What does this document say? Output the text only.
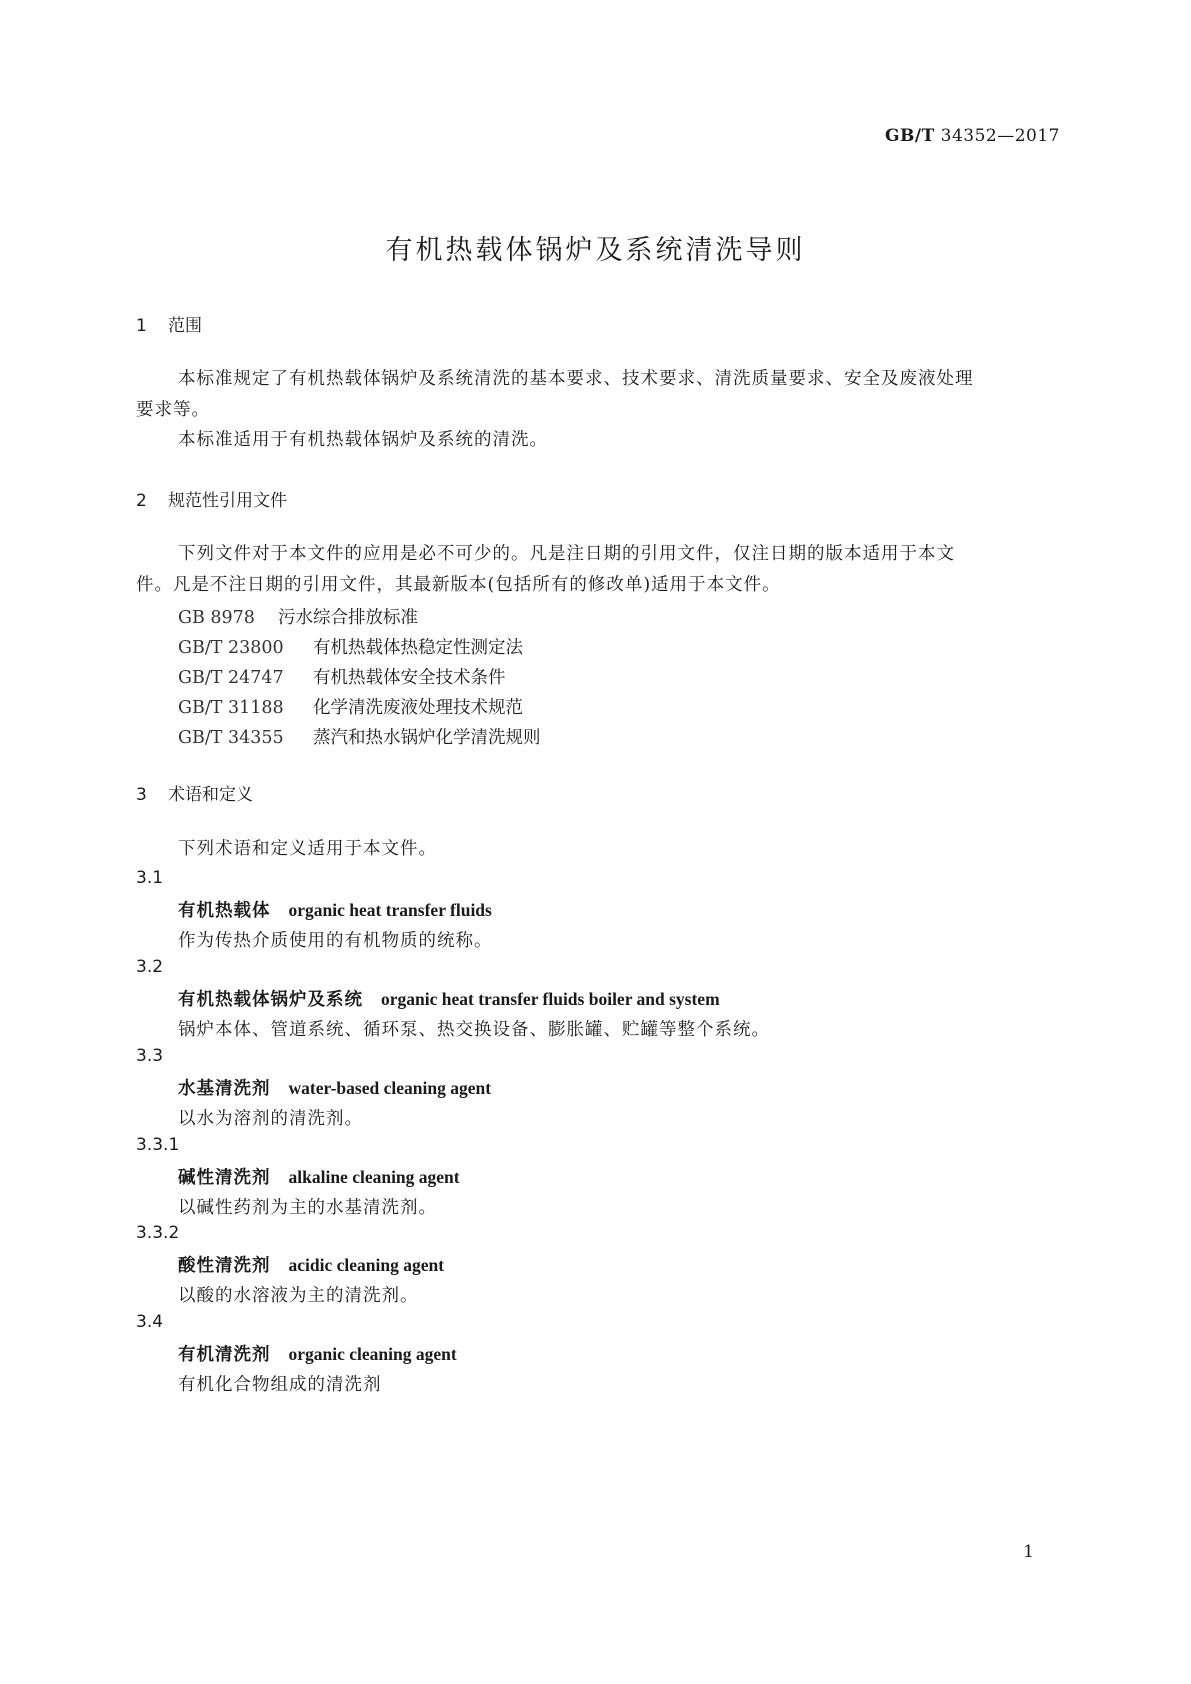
GB/T 34352—2017
有机热载体锅炉及系统清洗导则
1 范围
本标准规定了有机热载体锅炉及系统清洗的基本要求、技术要求、清洗质量要求、安全及废液处理
要求等。
本标准适用于有机热载体锅炉及系统的清洗。
2 规范性引用文件
下列文件对于本文件的应用是必不可少的。凡是注日期的引用文件，仅注日期的版本适用于本文
件。凡是不注日期的引用文件，其最新版本(包括所有的修改单)适用于本文件。
GB 8978 污水综合排放标准
GB/T 23800 有机热载体热稳定性测定法
GB/T 24747 有机热载体安全技术条件
GB/T 31188 化学清洗废液处理技术规范
GB/T 34355 蒸汽和热水锅炉化学清洗规则
3 术语和定义
下列术语和定义适用于本文件。
3.1
有机热载体 organic heat transfer fluids
作为传热介质使用的有机物质的统称。
3.2
有机热载体锅炉及系统 organic heat transfer fluids boiler and system
锅炉本体、管道系统、循环泵、热交换设备、膨胀罐、贮罐等整个系统。
3.3
水基清洗剂 water-based cleaning agent
以水为溶剂的清洗剂。
3.3.1
碱性清洗剂 alkaline cleaning agent
以碱性药剂为主的水基清洗剂。
3.3.2
酸性清洗剂 acidic cleaning agent
以酸的水溶液为主的清洗剂。
3.4
有机清洗剂 organic cleaning agent
有机化合物组成的清洗剂
1
